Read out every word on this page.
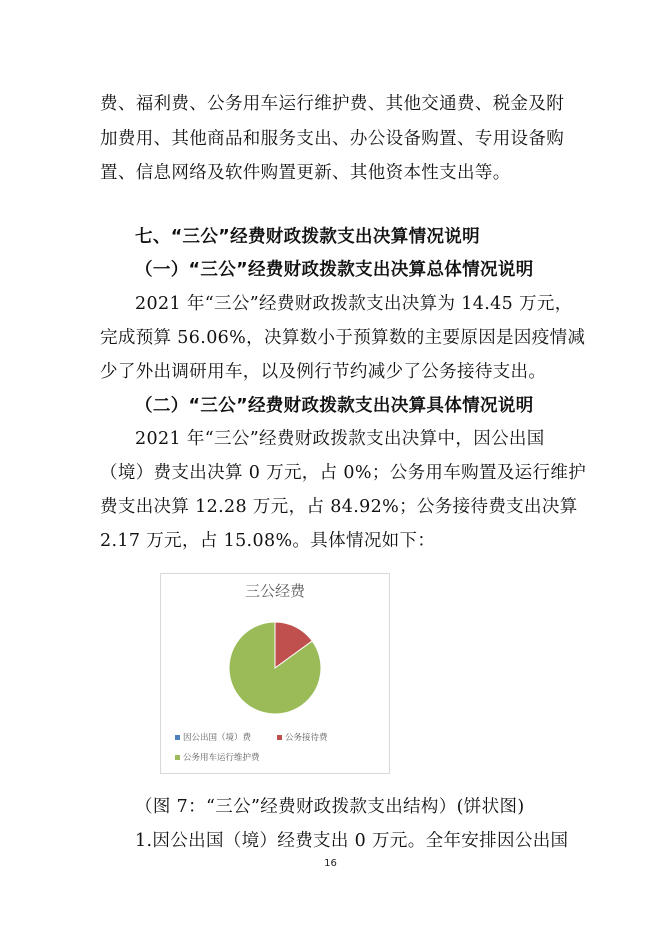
费、福利费、公务用车运行维护费、其他交通费、税金及附
加费用、其他商品和服务支出、办公设备购置、专用设备购
置、信息网络及软件购置更新、其他资本性支出等。
七、“三公”经费财政拨款支出决算情况说明
（一）“三公”经费财政拨款支出决算总体情况说明
2021 年“三公”经费财政拨款支出决算为 14.45 万元，
完成预算 56.06%，决算数小于预算数的主要原因是因疫情减
少了外出调研用车，以及例行节约减少了公务接待支出。
（二）“三公”经费财政拨款支出决算具体情况说明
2021 年“三公”经费财政拨款支出决算中，因公出国
（境）费支出决算 0 万元，占 0%；公务用车购置及运行维护
费支出决算 12.28 万元，占 84.92%；公务接待费支出决算
2.17 万元，占 15.08%。具体情况如下：
三公经费
因公出国（境）费	公务接待费
公务用车运行维护费
（图 7：“三公”经费财政拨款支出结构）(饼状图)
1.因公出国（境）经费支出 0 万元。全年安排因公出国
16
